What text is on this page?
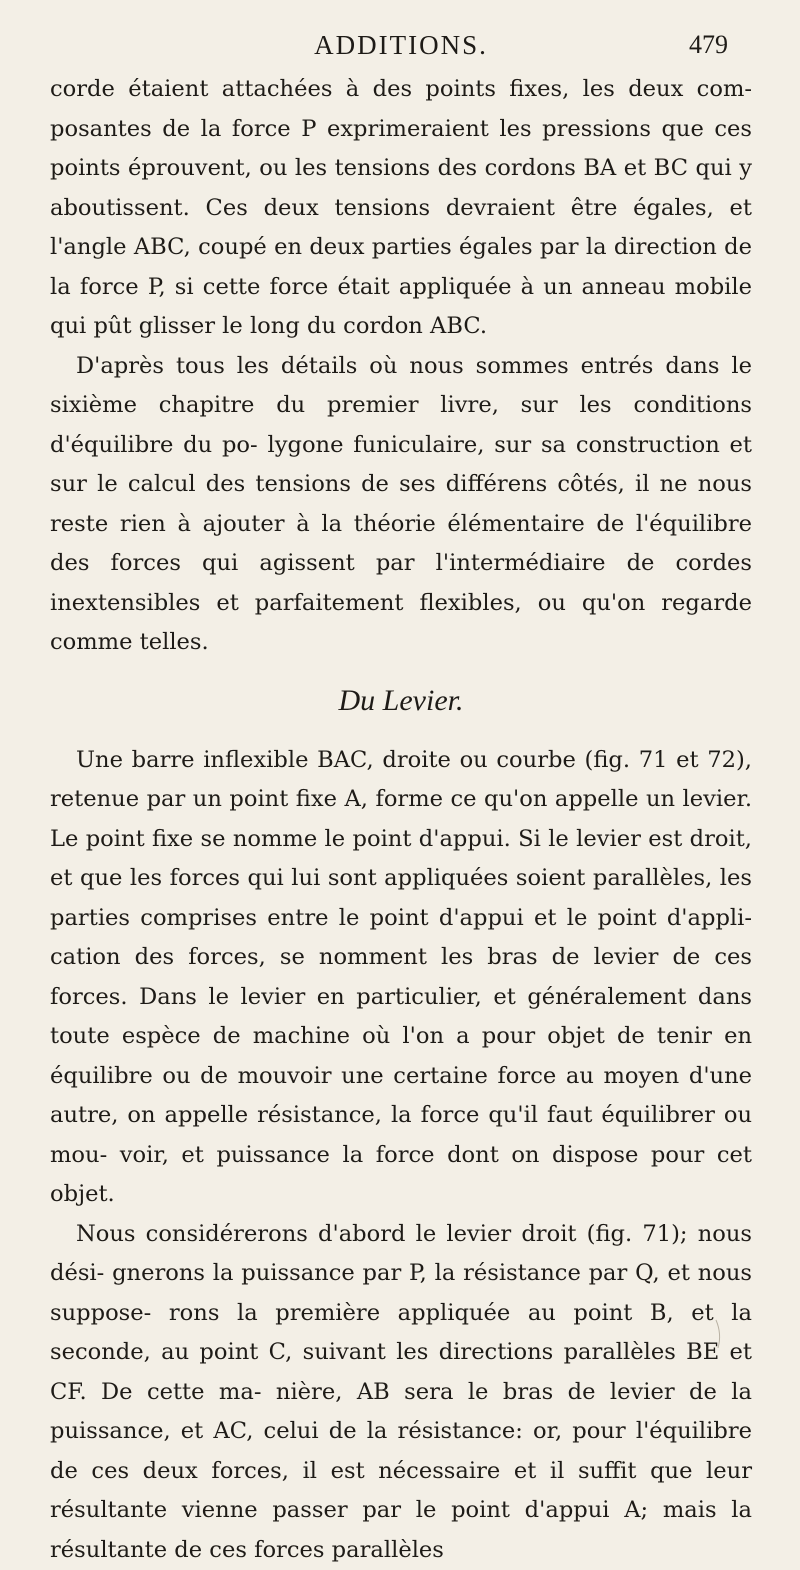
ADDITIONS.	479
corde étaient attachées à des points fixes, les deux com- posantes de la force P exprimeraient les pressions que ces points éprouvent, ou les tensions des cordons BA et BC qui y aboutissent. Ces deux tensions devraient être égales, et l'angle ABC, coupé en deux parties égales par la direction de la force P, si cette force était appliquée à un anneau mobile qui pût glisser le long du cordon ABC.
D'après tous les détails où nous sommes entrés dans le sixième chapitre du premier livre, sur les conditions d'équilibre du po- lygone funiculaire, sur sa construction et sur le calcul des tensions de ses différens côtés, il ne nous reste rien à ajouter à la théorie élémentaire de l'équilibre des forces qui agissent par l'intermédiaire de cordes inextensibles et parfaitement flexibles, ou qu'on regarde comme telles.
Du Levier.
Une barre inflexible BAC, droite ou courbe (fig. 71 et 72), retenue par un point fixe A, forme ce qu'on appelle un levier. Le point fixe se nomme le point d'appui. Si le levier est droit, et que les forces qui lui sont appliquées soient parallèles, les parties comprises entre le point d'appui et le point d'appli- cation des forces, se nomment les bras de levier de ces forces. Dans le levier en particulier, et généralement dans toute espèce de machine où l'on a pour objet de tenir en équilibre ou de mouvoir une certaine force au moyen d'une autre, on appelle résistance, la force qu'il faut équilibrer ou mou- voir, et puissance la force dont on dispose pour cet objet.
Nous considérerons d'abord le levier droit (fig. 71); nous dési- gnerons la puissance par P, la résistance par Q, et nous suppose- rons la première appliquée au point B, et la seconde, au point C, suivant les directions parallèles BE et CF. De cette ma- nière, AB sera le bras de levier de la puissance, et AC, celui de la résistance: or, pour l'équilibre de ces deux forces, il est nécessaire et il suffit que leur résultante vienne passer par le point d'appui A; mais la résultante de ces forces parallèles
